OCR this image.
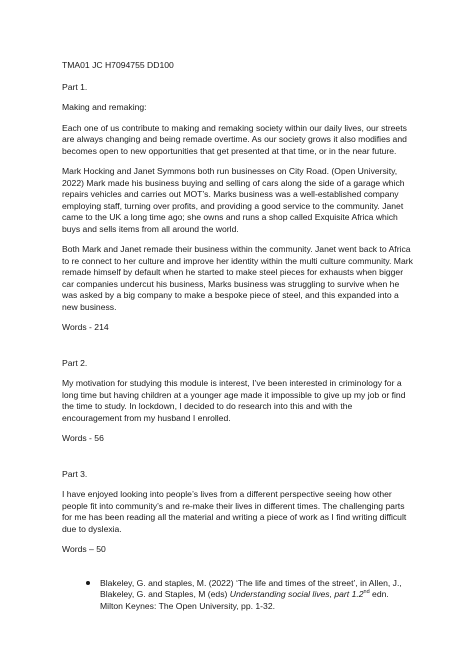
TMA01 JC H7094755 DD100

Part 1.

Making and remaking:

Each one of us contribute to making and remaking society within our daily lives, our streets are always changing and being remade overtime. As our society grows it also modifies and becomes open to new opportunities that get presented at that time, or in the near future.

Mark Hocking and Janet Symmons both run businesses on City Road. (Open University, 2022) Mark made his business buying and selling of cars along the side of a garage which repairs vehicles and carries out MOT’s. Marks business was a well-established company employing staff, turning over profits, and providing a good service to the community. Janet came to the UK a long time ago; she owns and runs a shop called Exquisite Africa which buys and sells items from all around the world.

Both Mark and Janet remade their business within the community. Janet went back to Africa to re connect to her culture and improve her identity within the multi culture community. Mark remade himself by default when he started to make steel pieces for exhausts when bigger car companies undercut his business, Marks business was struggling to survive when he was asked by a big company to make a bespoke piece of steel, and this expanded into a new business.

Words - 214

Part 2.

My motivation for studying this module is interest, I’ve been interested in criminology for a long time but having children at a younger age made it impossible to give up my job or find the time to study. In lockdown, I decided to do research into this and with the encouragement from my husband I enrolled.

Words - 56

Part 3.

I have enjoyed looking into people’s lives from a different perspective seeing how other people fit into community’s and re-make their lives in different times. The challenging parts for me has been reading all the material and writing a piece of work as I find writing difficult due to dyslexia.

Words – 50

Blakeley, G. and staples, M. (2022) ‘The life and times of the street’, in Allen, J., Blakeley, G. and Staples, M (eds) Understanding social lives, part 1.2nd edn. Milton Keynes: The Open University, pp. 1-32.
